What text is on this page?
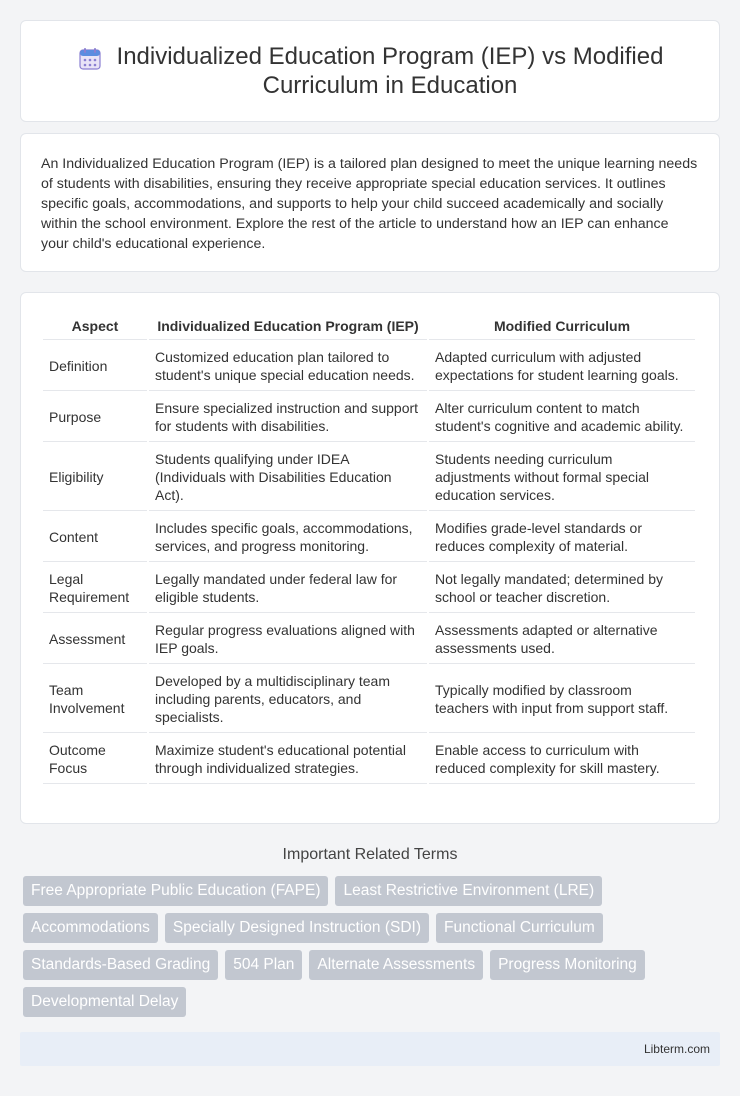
Individualized Education Program (IEP) vs Modified Curriculum in Education

An Individualized Education Program (IEP) is a tailored plan designed to meet the unique learning needs of students with disabilities, ensuring they receive appropriate special education services. It outlines specific goals, accommodations, and supports to help your child succeed academically and socially within the school environment. Explore the rest of the article to understand how an IEP can enhance your child's educational experience.

Aspect	Individualized Education Program (IEP)	Modified Curriculum
Definition	Customized education plan tailored to student's unique special education needs.	Adapted curriculum with adjusted expectations for student learning goals.
Purpose	Ensure specialized instruction and support for students with disabilities.	Alter curriculum content to match student's cognitive and academic ability.
Eligibility	Students qualifying under IDEA (Individuals with Disabilities Education Act).	Students needing curriculum adjustments without formal special education services.
Content	Includes specific goals, accommodations, services, and progress monitoring.	Modifies grade-level standards or reduces complexity of material.
Legal Requirement	Legally mandated under federal law for eligible students.	Not legally mandated; determined by school or teacher discretion.
Assessment	Regular progress evaluations aligned with IEP goals.	Assessments adapted or alternative assessments used.
Team Involvement	Developed by a multidisciplinary team including parents, educators, and specialists.	Typically modified by classroom teachers with input from support staff.
Outcome Focus	Maximize student's educational potential through individualized strategies.	Enable access to curriculum with reduced complexity for skill mastery.
Important Related Terms
Free Appropriate Public Education (FAPE)	Least Restrictive Environment (LRE)
Accommodations	Specially Designed Instruction (SDI)	Functional Curriculum
Standards-Based Grading	504 Plan	Alternate Assessments	Progress Monitoring
Developmental Delay
Libterm.com
